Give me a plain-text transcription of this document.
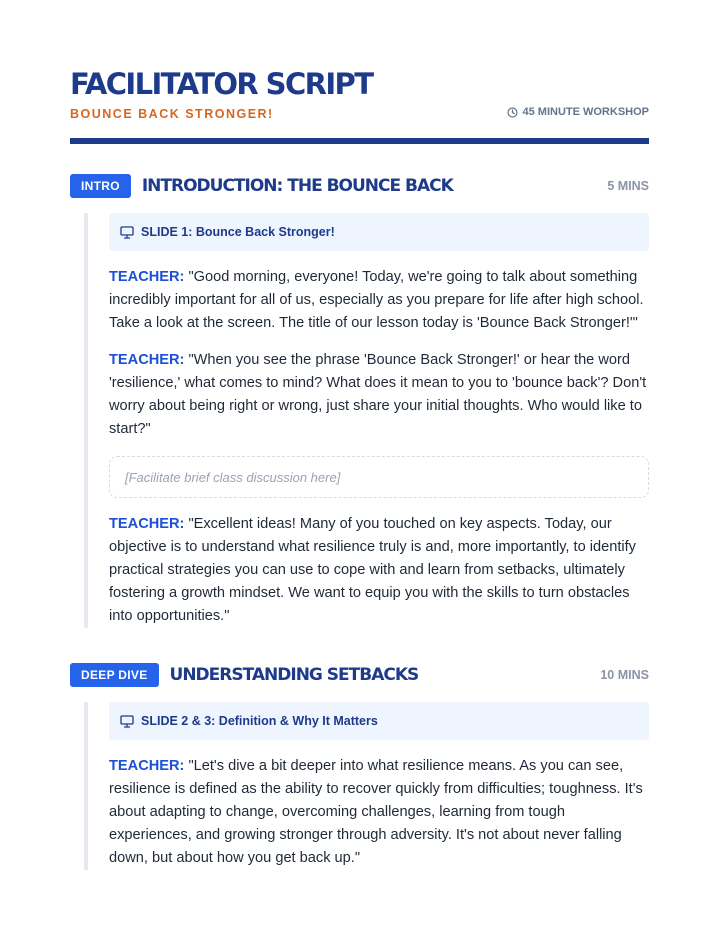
FACILITATOR SCRIPT
BOUNCE BACK STRONGER!	45 MINUTE WORKSHOP
INTRO	INTRODUCTION: THE BOUNCE BACK	5 MINS
SLIDE 1: Bounce Back Stronger!

TEACHER: "Good morning, everyone! Today, we're going to talk about something incredibly important for all of us, especially as you prepare for life after high school. Take a look at the screen. The title of our lesson today is 'Bounce Back Stronger!'"

TEACHER: "When you see the phrase 'Bounce Back Stronger!' or hear the word 'resilience,' what comes to mind? What does it mean to you to 'bounce back'? Don't worry about being right or wrong, just share your initial thoughts. Who would like to start?"

[Facilitate brief class discussion here]

TEACHER: "Excellent ideas! Many of you touched on key aspects. Today, our objective is to understand what resilience truly is and, more importantly, to identify practical strategies you can use to cope with and learn from setbacks, ultimately fostering a growth mindset. We want to equip you with the skills to turn obstacles into opportunities."

DEEP DIVE	UNDERSTANDING SETBACKS	10 MINS
SLIDE 2 & 3: Definition & Why It Matters

TEACHER: "Let's dive a bit deeper into what resilience means. As you can see, resilience is defined as the ability to recover quickly from difficulties; toughness. It's about adapting to change, overcoming challenges, learning from tough experiences, and growing stronger through adversity. It's not about never falling down, but about how you get back up."
